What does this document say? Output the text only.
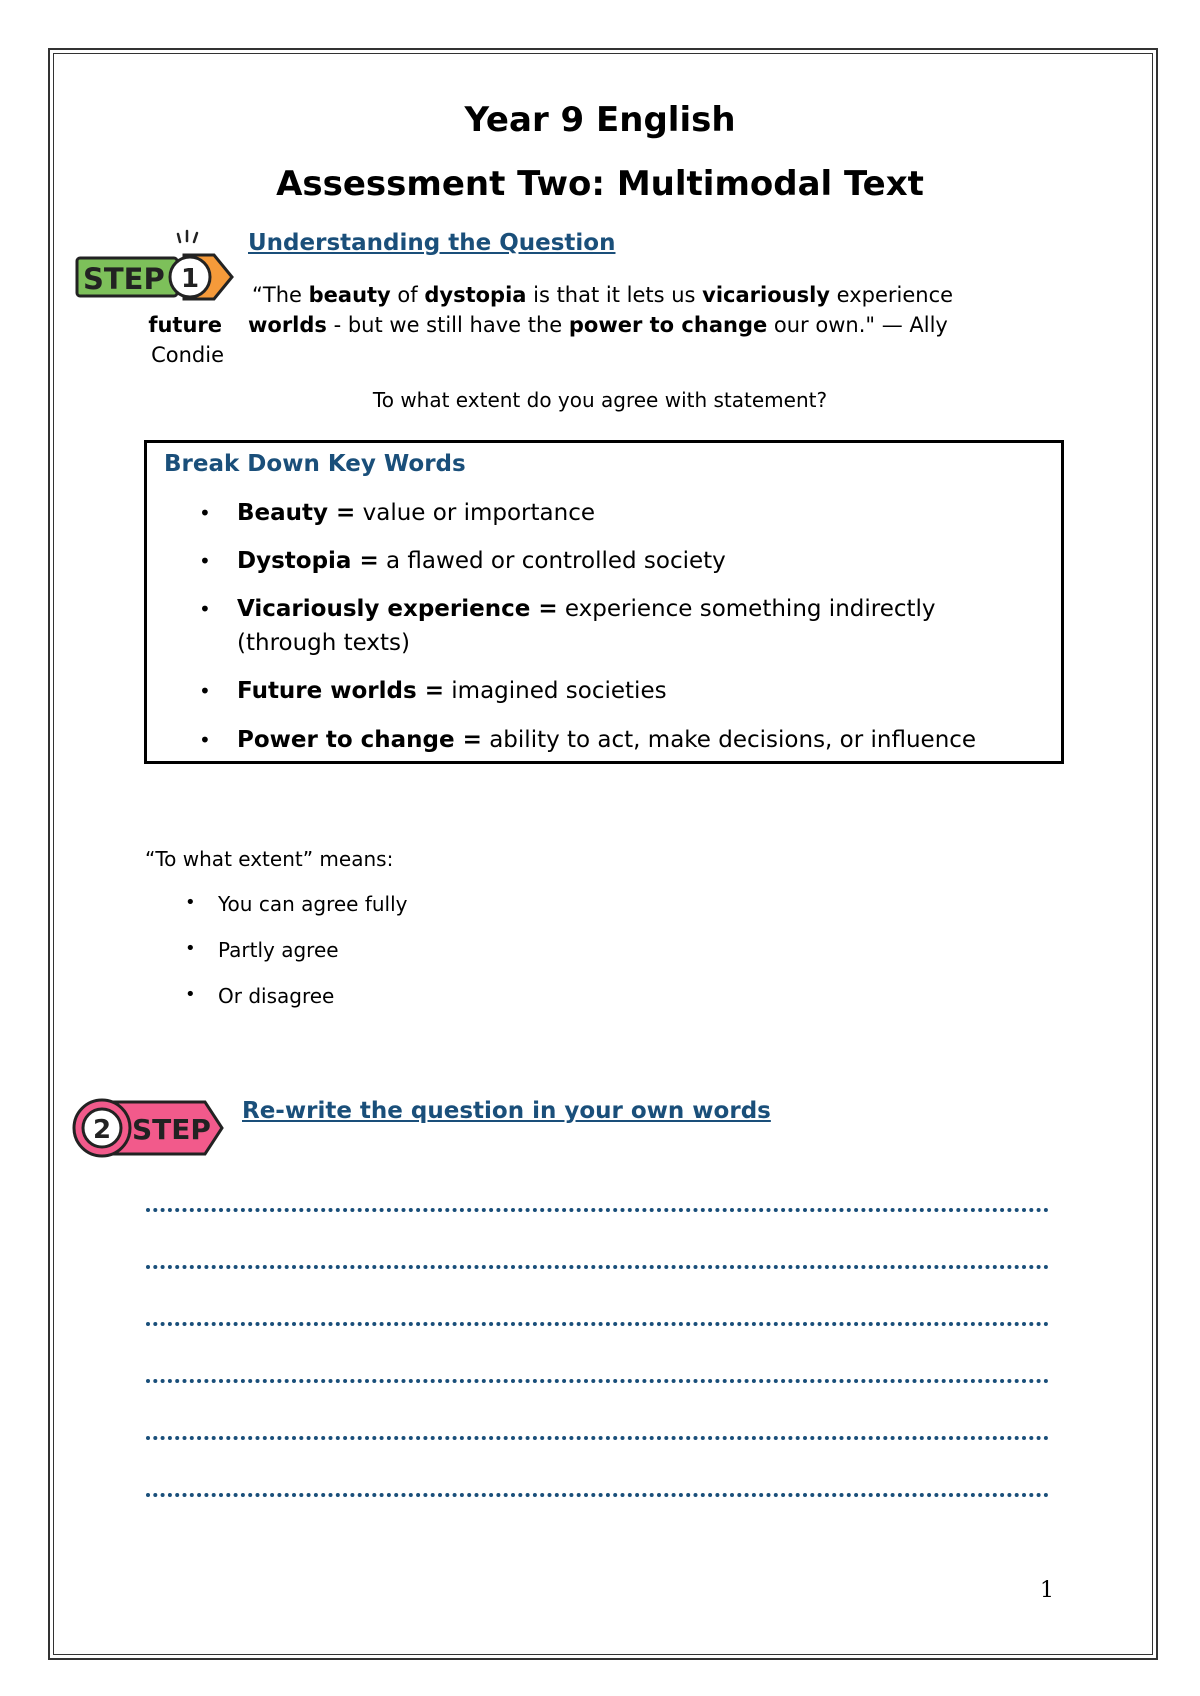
Year 9 English
Assessment Two: Multimodal Text
STEP 1
Understanding the Question
“The beauty of dystopia is that it lets us vicariously experience
future worlds - but we still have the power to change our own." — Ally
Condie
To what extent do you agree with statement?
Break Down Key Words
• Beauty = value or importance
• Dystopia = a flawed or controlled society
• Vicariously experience = experience something indirectly
(through texts)
• Future worlds = imagined societies
• Power to change = ability to act, make decisions, or influence
“To what extent” means:
• You can agree fully
• Partly agree
• Or disagree
2 STEP
Re-write the question in your own words
1
